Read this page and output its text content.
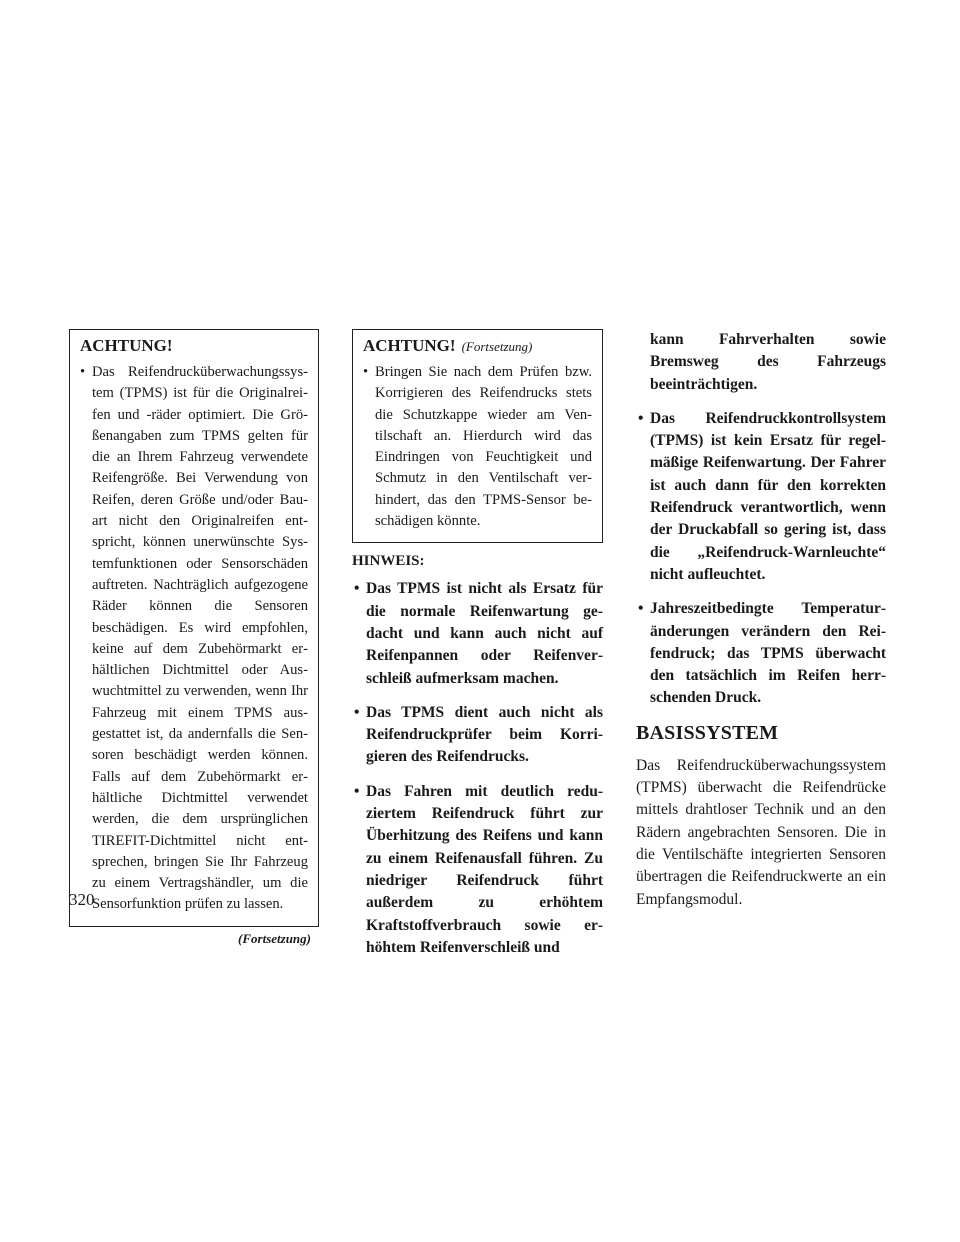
ACHTUNG!

• Das Reifendrucküberwachungssystem (TPMS) ist für die Originalreifen und -räder optimiert. Die Größenangaben zum TPMS gelten für die an Ihrem Fahrzeug verwendete Reifengröße. Bei Verwendung von Reifen, deren Größe und/oder Bauart nicht den Originalreifen entspricht, können unerwünschte Systemfunktionen oder Sensorschäden auftreten. Nachträglich aufgezogene Räder können die Sensoren beschädigen. Es wird empfohlen, keine auf dem Zubehörmarkt erhältlichen Dichtmittel oder Auswuchtmittel zu verwenden, wenn Ihr Fahrzeug mit einem TPMS ausgestattet ist, da andernfalls die Sensoren beschädigt werden können. Falls auf dem Zubehörmarkt erhältliche Dichtmittel verwendet werden, die dem ursprünglichen TIREFIT-Dichtmittel nicht entsprechen, bringen Sie Ihr Fahrzeug zu einem Vertragshändler, um die Sensorfunktion prüfen zu lassen.

(Fortsetzung)

ACHTUNG! (Fortsetzung)

• Bringen Sie nach dem Prüfen bzw. Korrigieren des Reifendrucks stets die Schutzkappe wieder am Ventilschaft an. Hierdurch wird das Eindringen von Feuchtigkeit und Schmutz in den Ventilschaft verhindert, das den TPMS-Sensor beschädigen könnte.

HINWEIS:

• Das TPMS ist nicht als Ersatz für die normale Reifenwartung gedacht und kann auch nicht auf Reifenpannen oder Reifenverschleiß aufmerksam machen.

• Das TPMS dient auch nicht als Reifendruckprüfer beim Korrigieren des Reifendrucks.

• Das Fahren mit deutlich reduziertem Reifendruck führt zur Überhitzung des Reifens und kann zu einem Reifenausfall führen. Zu niedriger Reifendruck führt außerdem zu erhöhtem Kraftstoffverbrauch sowie erhöhtem Reifenverschleiß und

kann Fahrverhalten sowie Bremsweg des Fahrzeugs beeinträchtigen.

• Das Reifendruckkontrollsystem (TPMS) ist kein Ersatz für regelmäßige Reifenwartung. Der Fahrer ist auch dann für den korrekten Reifendruck verantwortlich, wenn der Druckabfall so gering ist, dass die „Reifendruck-Warnleuchte“ nicht aufleuchtet.

• Jahreszeitbedingte Temperaturänderungen verändern den Reifendruck; das TPMS überwacht den tatsächlich im Reifen herrschenden Druck.

BASISSYSTEM

Das Reifendrucküberwachungssystem (TPMS) überwacht die Reifendrücke mittels drahtloser Technik und an den Rädern angebrachten Sensoren. Die in die Ventilschäfte integrierten Sensoren übertragen die Reifendruckwerte an ein Empfangsmodul.

320
